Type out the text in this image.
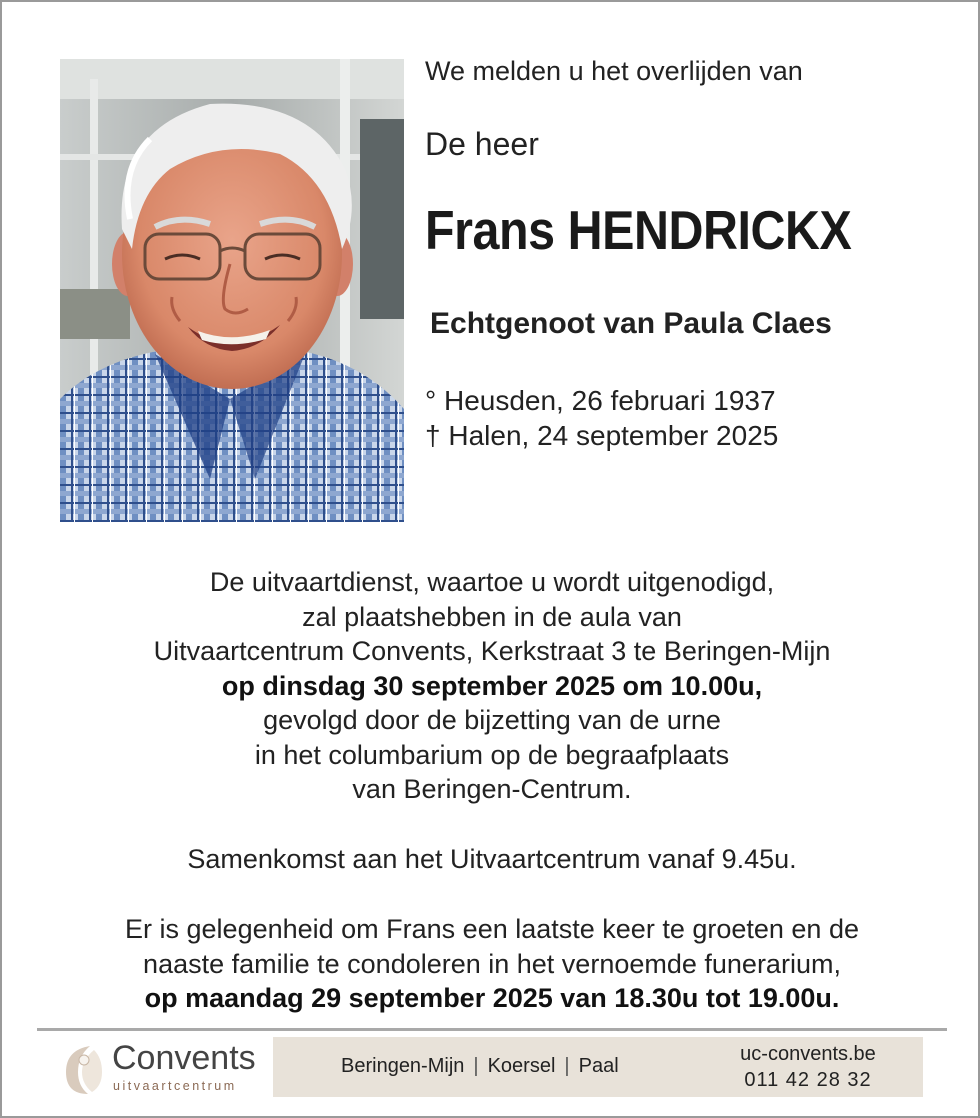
We melden u het overlijden van
De heer
Frans HENDRICKX
Echtgenoot van Paula Claes
° Heusden, 26 februari 1937
† Halen, 24 september 2025
De uitvaartdienst, waartoe u wordt uitgenodigd,
zal plaatshebben in de aula van
Uitvaartcentrum Convents, Kerkstraat 3 te Beringen-Mijn
op dinsdag 30 september 2025 om 10.00u,
gevolgd door de bijzetting van de urne
in het columbarium op de begraafplaats
van Beringen-Centrum.
Samenkomst aan het Uitvaartcentrum vanaf 9.45u.
Er is gelegenheid om Frans een laatste keer te groeten en de
naaste familie te condoleren in het vernoemde funerarium,
op maandag 29 september 2025 van 18.30u tot 19.00u.
Convents
uitvaartcentrum
Beringen-Mijn | Koersel | Paal
uc-convents.be
011 42 28 32
